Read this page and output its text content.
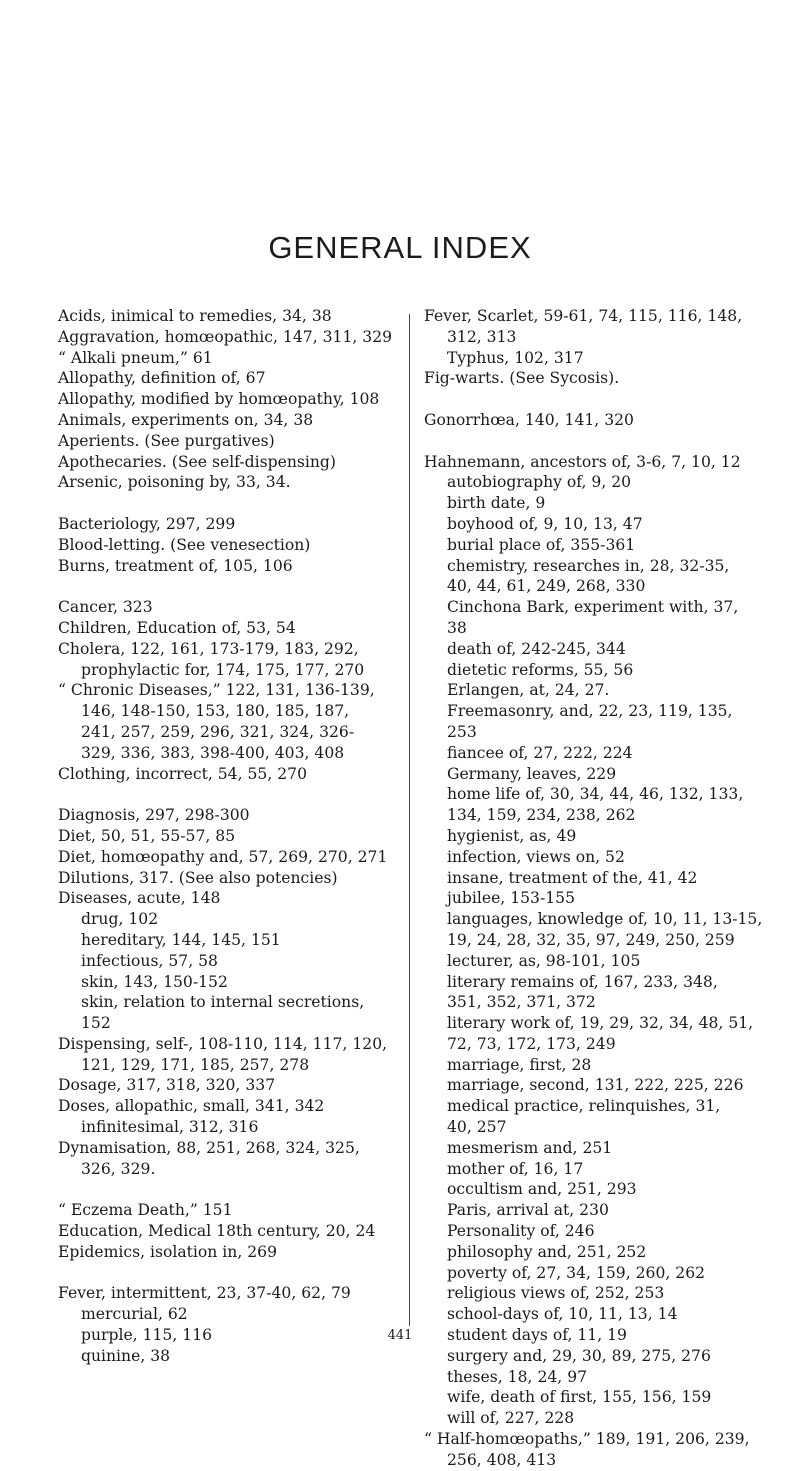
GENERAL INDEX
Acids, inimical to remedies, 34, 38
Aggravation, homœopathic, 147, 311, 329
“ Alkali pneum,” 61
Allopathy, definition of, 67
Allopathy, modified by homœopathy, 108
Animals, experiments on, 34, 38
Aperients. (See purgatives)
Apothecaries. (See self-dispensing)
Arsenic, poisoning by, 33, 34.
Bacteriology, 297, 299
Blood-letting. (See venesection)
Burns, treatment of, 105, 106
Cancer, 323
Children, Education of, 53, 54
Cholera, 122, 161, 173-179, 183, 292,
prophylactic for, 174, 175, 177, 270
“ Chronic Diseases,” 122, 131, 136-139,
146, 148-150, 153, 180, 185, 187,
241, 257, 259, 296, 321, 324, 326-
329, 336, 383, 398-400, 403, 408
Clothing, incorrect, 54, 55, 270
Diagnosis, 297, 298-300
Diet, 50, 51, 55-57, 85
Diet, homœopathy and, 57, 269, 270, 271
Dilutions, 317. (See also potencies)
Diseases, acute, 148
drug, 102
hereditary, 144, 145, 151
infectious, 57, 58
skin, 143, 150-152
skin, relation to internal secretions,
152
Dispensing, self-, 108-110, 114, 117, 120,
121, 129, 171, 185, 257, 278
Dosage, 317, 318, 320, 337
Doses, allopathic, small, 341, 342
infinitesimal, 312, 316
Dynamisation, 88, 251, 268, 324, 325,
326, 329.
“ Eczema Death,” 151
Education, Medical 18th century, 20, 24
Epidemics, isolation in, 269
Fever, intermittent, 23, 37-40, 62, 79
mercurial, 62
purple, 115, 116
quinine, 38
Fever, Scarlet, 59-61, 74, 115, 116, 148,
312, 313
Typhus, 102, 317
Fig-warts. (See Sycosis).
Gonorrhœa, 140, 141, 320
Hahnemann, ancestors of, 3-6, 7, 10, 12
autobiography of, 9, 20
birth date, 9
boyhood of, 9, 10, 13, 47
burial place of, 355-361
chemistry, researches in, 28, 32-35,
40, 44, 61, 249, 268, 330
Cinchona Bark, experiment with, 37,
38
death of, 242-245, 344
dietetic reforms, 55, 56
Erlangen, at, 24, 27.
Freemasonry, and, 22, 23, 119, 135,
253
fiancee of, 27, 222, 224
Germany, leaves, 229
home life of, 30, 34, 44, 46, 132, 133,
134, 159, 234, 238, 262
hygienist, as, 49
infection, views on, 52
insane, treatment of the, 41, 42
jubilee, 153-155
languages, knowledge of, 10, 11, 13-15,
19, 24, 28, 32, 35, 97, 249, 250, 259
lecturer, as, 98-101, 105
literary remains of, 167, 233, 348,
351, 352, 371, 372
literary work of, 19, 29, 32, 34, 48, 51,
72, 73, 172, 173, 249
marriage, first, 28
marriage, second, 131, 222, 225, 226
medical practice, relinquishes, 31,
40, 257
mesmerism and, 251
mother of, 16, 17
occultism and, 251, 293
Paris, arrival at, 230
Personality of, 246
philosophy and, 251, 252
poverty of, 27, 34, 159, 260, 262
religious views of, 252, 253
school-days of, 10, 11, 13, 14
student days of, 11, 19
surgery and, 29, 30, 89, 275, 276
theses, 18, 24, 97
wife, death of first, 155, 156, 159
will of, 227, 228
“ Half-homœopaths,” 189, 191, 206, 239,
256, 408, 413
441
